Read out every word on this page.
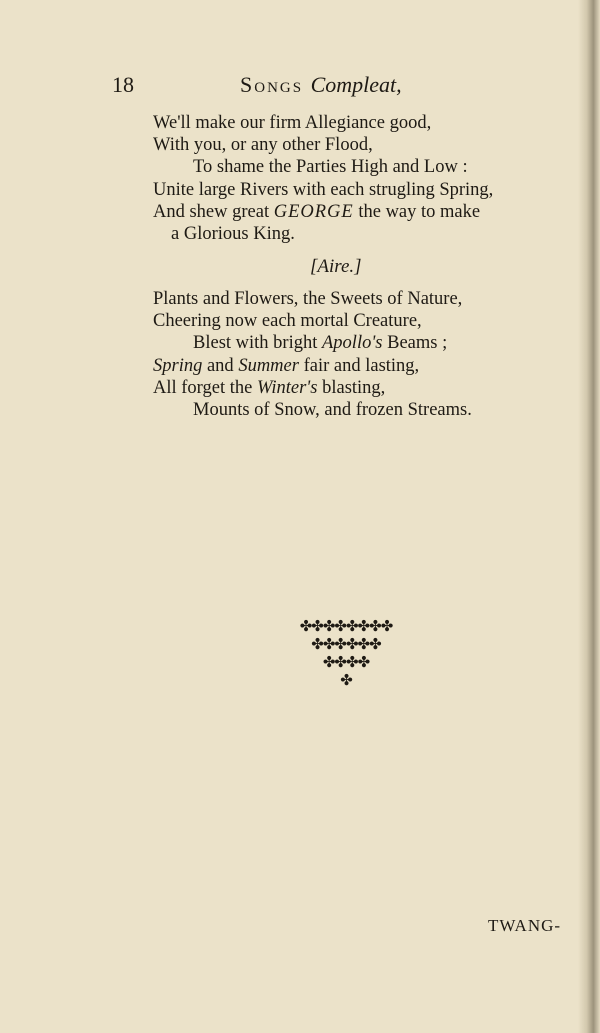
18	Songs Compleat,
We'll make our firm Allegiance good,
With you, or any other Flood,
To shame the Parties High and Low :
Unite large Rivers with each strugling Spring,
And shew great GEORGE the way to make
a Glorious King.
[Aire.]
Plants and Flowers, the Sweets of Nature,
Cheering now each mortal Creature,
Blest with bright Apollo's Beams ;
Spring and Summer fair and lasting,
All forget the Winter's blasting,
Mounts of Snow, and frozen Streams.
✤✤✤✤✤✤✤✤
✤✤✤✤✤✤
✤✤✤✤
✤
TWANG-
